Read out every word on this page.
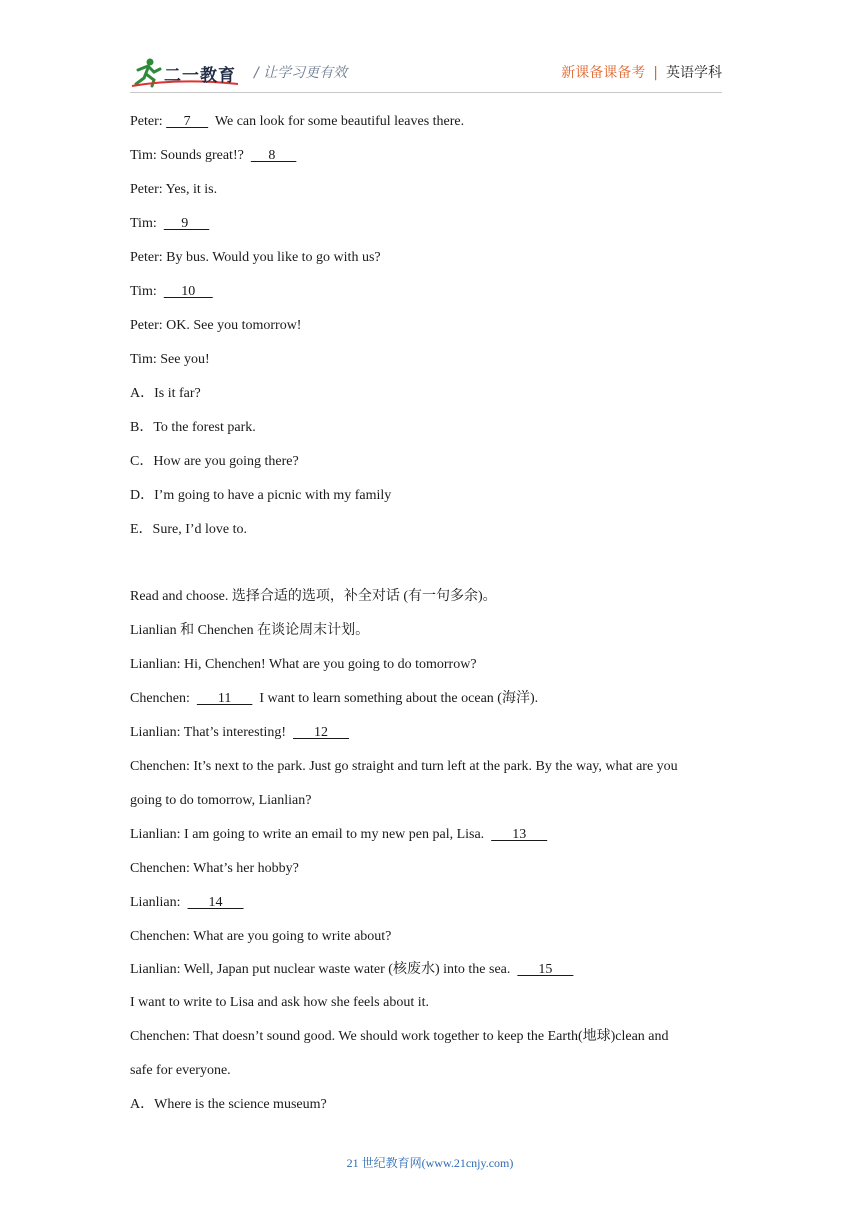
二一教育 / 让学习更有效	新课备课备考 | 英语学科
Peter:      7       We can look for some beautiful leaves there.
Tim: Sounds great!?       8
Peter: Yes, it is.
Tim:       9
Peter: By bus. Would you like to go with us?
Tim:       10
Peter: OK. See you tomorrow!
Tim: See you!
A．Is it far?
B．To the forest park.
C．How are you going there?
D．I’m going to have a picnic with my family
E．Sure, I’d love to.
Read and choose. 选择合适的选项，补全对话 (有一句多余)。
Lianlian 和 Chenchen 在谈论周末计划。
Lianlian: Hi, Chenchen! What are you going to do tomorrow?
Chenchen:        11        I want to learn something about the ocean (海洋).
Lianlian: That’s interesting!        12
Chenchen: It’s next to the park. Just go straight and turn left at the park. By the way, what are you
going to do tomorrow, Lianlian?
Lianlian: I am going to write an email to my new pen pal, Lisa.        13
Chenchen: What’s her hobby?
Lianlian:        14
Chenchen: What are you going to write about?
Lianlian: Well, Japan put nuclear waste water (核废水) into the sea.        15
I want to write to Lisa and ask how she feels about it.
Chenchen: That doesn’t sound good. We should work together to keep the Earth(地球)clean and
safe for everyone.
A．Where is the science museum?
21 世纪教育网(www.21cnjy.com)
